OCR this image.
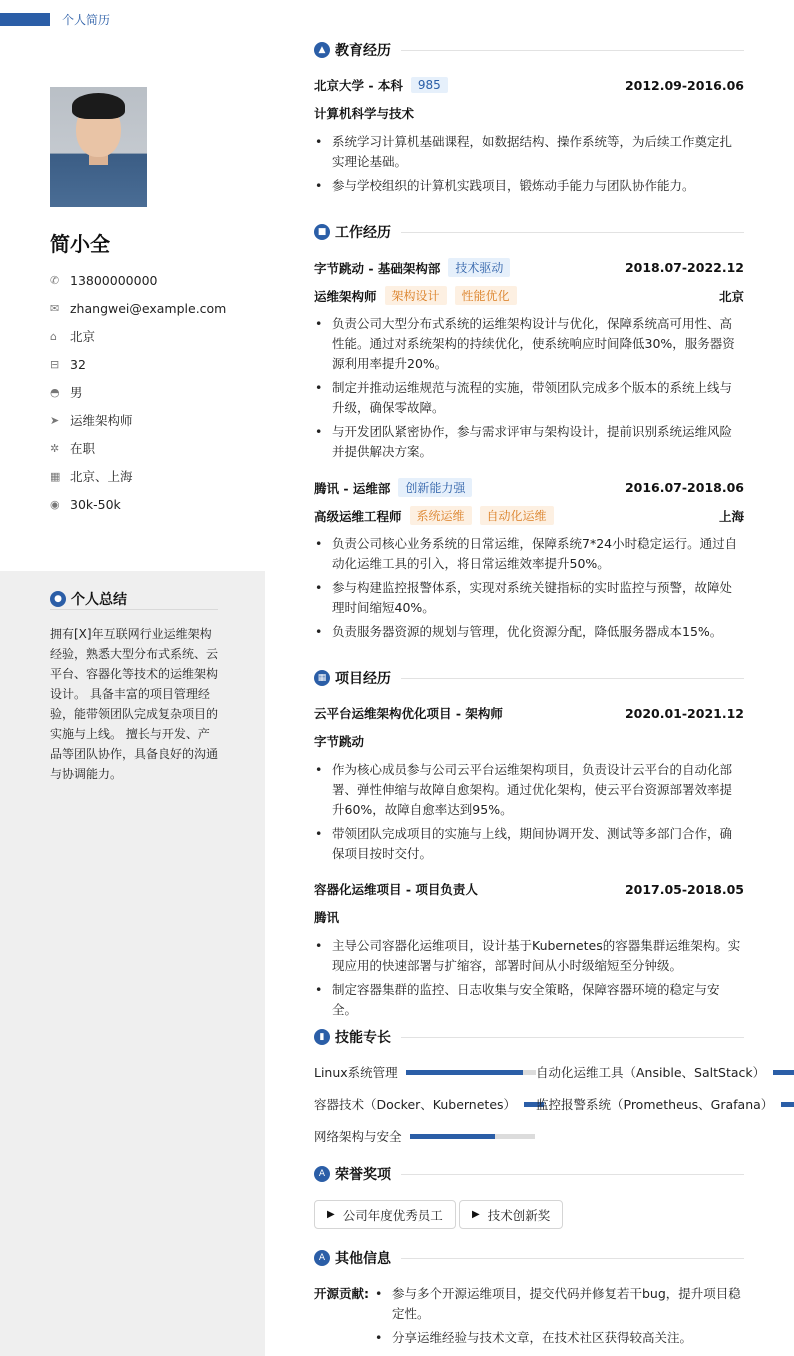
个人简历
简小全
✆ 13800000000
✉ zhangwei@example.com
⌂	北京
⊟ 32
◓ 男
➤ 运维架构师
✲ 在职
▦ 北京、上海
◉ 30k-50k
● 个人总结
拥有[X]年互联网行业运维架构经验，熟悉大型分布式系统、云平台、容器化等技术的运维架构设计。 具备丰富的项目管理经验，能带领团队完成复杂项目的实施与上线。 擅长与开发、产品等团队协作，具备良好的沟通与协调能力。
▲ 教育经历
北京大学 - 本科	985	2012.09-2016.06
计算机科学与技术
• 系统学习计算机基础课程，如数据结构、操作系统等，为后续工作奠定扎实理论基础。
• 参与学校组织的计算机实践项目，锻炼动手能力与团队协作能力。
■ 工作经历
字节跳动 - 基础架构部	技术驱动	2018.07-2022.12
运维架构师	架构设计	性能优化	北京
• 负责公司大型分布式系统的运维架构设计与优化，保障系统高可用性、高性能。通过对系统架构的持续优化，使系统响应时间降低30%，服务器资源利用率提升20%。
• 制定并推动运维规范与流程的实施，带领团队完成多个版本的系统上线与升级，确保零故障。
• 与开发团队紧密协作，参与需求评审与架构设计，提前识别系统运维风险并提供解决方案。
腾讯 - 运维部	创新能力强	2016.07-2018.06
高级运维工程师	系统运维	自动化运维	上海
• 负责公司核心业务系统的日常运维，保障系统7*24小时稳定运行。通过自动化运维工具的引入，将日常运维效率提升50%。
• 参与构建监控报警体系，实现对系统关键指标的实时监控与预警，故障处理时间缩短40%。
• 负责服务器资源的规划与管理，优化资源分配，降低服务器成本15%。
▦ 项目经历
云平台运维架构优化项目 - 架构师	2020.01-2021.12
字节跳动
• 作为核心成员参与公司云平台运维架构项目，负责设计云平台的自动化部署、弹性伸缩与故障自愈架构。通过优化架构，使云平台资源部署效率提升60%，故障自愈率达到95%。
• 带领团队完成项目的实施与上线，期间协调开发、测试等多部门合作，确保项目按时交付。
容器化运维项目 - 项目负责人	2017.05-2018.05
腾讯
• 主导公司容器化运维项目，设计基于Kubernetes的容器集群运维架构。实现应用的快速部署与扩缩容，部署时间从小时级缩短至分钟级。
• 制定容器集群的监控、日志收集与安全策略，保障容器环境的稳定与安全。
▮ 技能专长
Linux系统管理	自动化运维工具（Ansible、SaltStack）
容器技术（Docker、Kubernetes） 监控报警系统（Prometheus、Grafana）
网络架构与安全
A 荣誉奖项
▶ 公司年度优秀员工	▶ 技术创新奖
A 其他信息
开源贡献:
•	参与多个开源运维项目，提交代码并修复若干bug，提升项目稳定性。
• 分享运维经验与技术文章，在技术社区获得较高关注。
